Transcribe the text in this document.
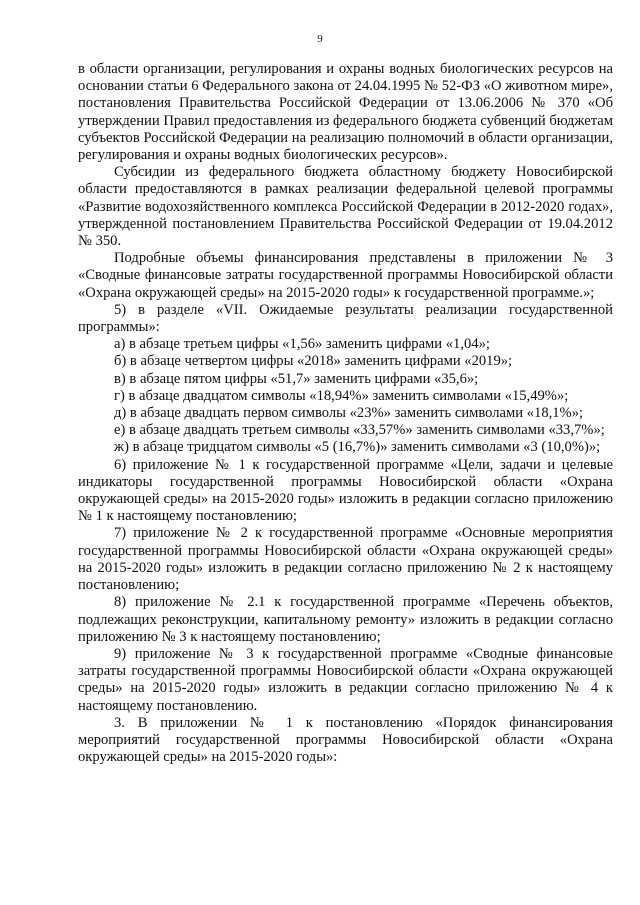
9

в области организации, регулирования и охраны водных биологических ресурсов на основании статьи 6 Федерального закона от 24.04.1995 № 52-ФЗ «О животном мире», постановления Правительства Российской Федерации от 13.06.2006 № 370 «Об утверждении Правил предоставления из федерального бюджета субвенций бюджетам субъектов Российской Федерации на реализацию полномочий в области организации, регулирования и охраны водных биологических ресурсов».

Субсидии из федерального бюджета областному бюджету Новосибирской области предоставляются в рамках реализации федеральной целевой программы «Развитие водохозяйственного комплекса Российской Федерации в 2012-2020 годах», утвержденной постановлением Правительства Российской Федерации от 19.04.2012 № 350.

Подробные объемы финансирования представлены в приложении № 3 «Сводные финансовые затраты государственной программы Новосибирской области «Охрана окружающей среды» на 2015-2020 годы» к государственной программе.»;

5) в разделе «VII. Ожидаемые результаты реализации государственной программы»:

а) в абзаце третьем цифры «1,56» заменить цифрами «1,04»;

б) в абзаце четвертом цифры «2018» заменить цифрами «2019»;

в) в абзаце пятом цифры «51,7» заменить цифрами «35,6»;

г) в абзаце двадцатом символы «18,94%» заменить символами «15,49%»;

д) в абзаце двадцать первом символы «23%» заменить символами «18,1%»;

е) в абзаце двадцать третьем символы «33,57%» заменить символами «33,7%»;

ж) в абзаце тридцатом символы «5 (16,7%)» заменить символами «3 (10,0%)»;

6) приложение № 1 к государственной программе «Цели, задачи и целевые индикаторы государственной программы Новосибирской области «Охрана окружающей среды» на 2015-2020 годы» изложить в редакции согласно приложению № 1 к настоящему постановлению;

7) приложение № 2 к государственной программе «Основные мероприятия государственной программы Новосибирской области «Охрана окружающей среды» на 2015-2020 годы» изложить в редакции согласно приложению № 2 к настоящему постановлению;

8) приложение № 2.1 к государственной программе «Перечень объектов, подлежащих реконструкции, капитальному ремонту» изложить в редакции согласно приложению № 3 к настоящему постановлению;

9) приложение № 3 к государственной программе «Сводные финансовые затраты государственной программы Новосибирской области «Охрана окружающей среды» на 2015-2020 годы» изложить в редакции согласно приложению № 4 к настоящему постановлению.

3. В приложении № 1 к постановлению «Порядок финансирования мероприятий государственной программы Новосибирской области «Охрана окружающей среды» на 2015-2020 годы»:
